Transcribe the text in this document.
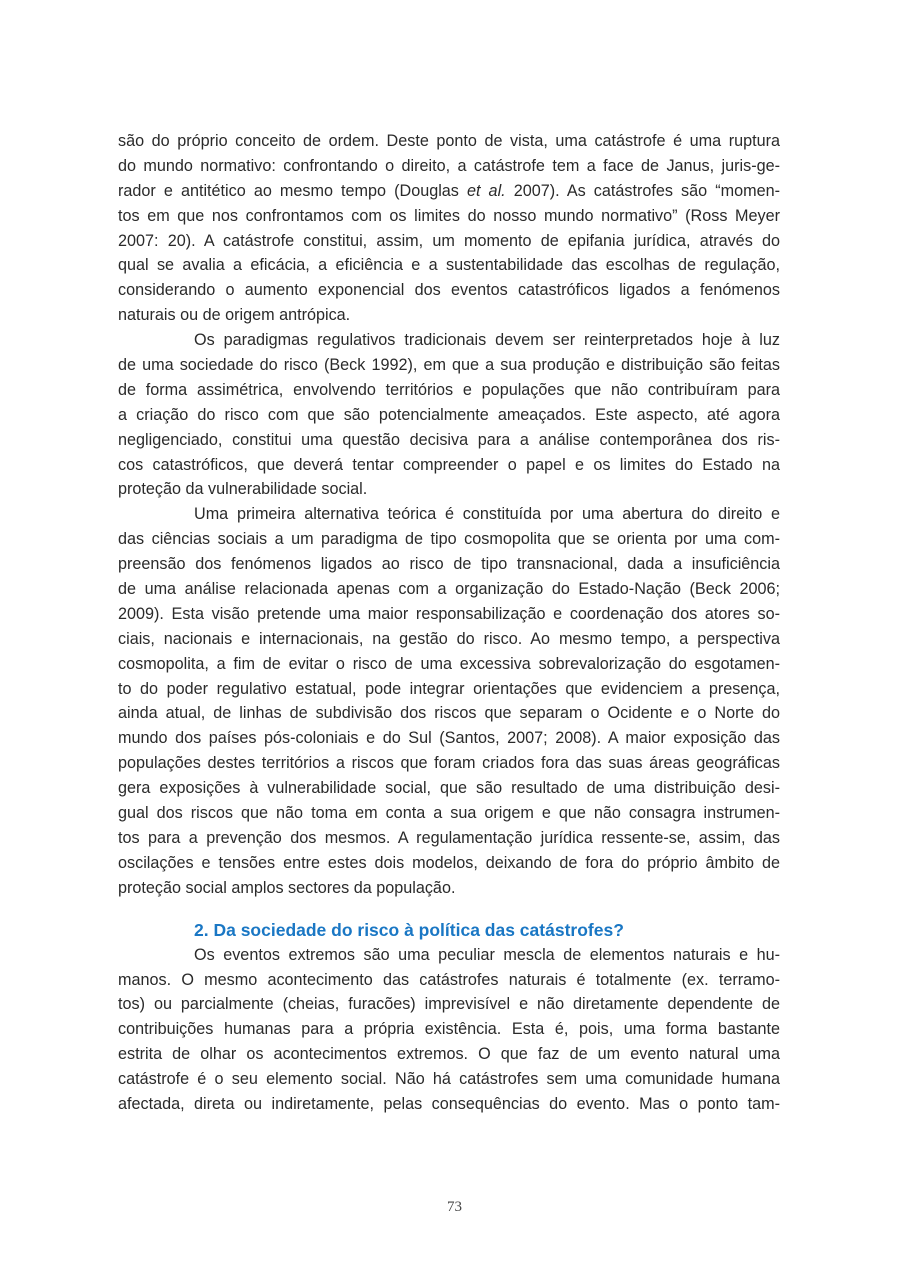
são do próprio conceito de ordem. Deste ponto de vista, uma catástrofe é uma ruptura
do mundo normativo: confrontando o direito, a catástrofe tem a face de Janus, juris-ge-
rador e antitético ao mesmo tempo (Douglas et al. 2007). As catástrofes são “momen-
tos em que nos confrontamos com os limites do nosso mundo normativo” (Ross Meyer
2007: 20). A catástrofe constitui, assim, um momento de epifania jurídica, através do
qual se avalia a eficácia, a eficiência e a sustentabilidade das escolhas de regulação,
considerando o aumento exponencial dos eventos catastróficos ligados a fenómenos
naturais ou de origem antrópica.
Os paradigmas regulativos tradicionais devem ser reinterpretados hoje à luz
de uma sociedade do risco (Beck 1992), em que a sua produção e distribuição são feitas
de forma assimétrica, envolvendo territórios e populações que não contribuíram para
a criação do risco com que são potencialmente ameaçados. Este aspecto, até agora
negligenciado, constitui uma questão decisiva para a análise contemporânea dos ris-
cos catastróficos, que deverá tentar compreender o papel e os limites do Estado na
proteção da vulnerabilidade social.
Uma primeira alternativa teórica é constituída por uma abertura do direito e
das ciências sociais a um paradigma de tipo cosmopolita que se orienta por uma com-
preensão dos fenómenos ligados ao risco de tipo transnacional, dada a insuficiência
de uma análise relacionada apenas com a organização do Estado-Nação (Beck 2006;
2009). Esta visão pretende uma maior responsabilização e coordenação dos atores so-
ciais, nacionais e internacionais, na gestão do risco. Ao mesmo tempo, a perspectiva
cosmopolita, a fim de evitar o risco de uma excessiva sobrevalorização do esgotamen-
to do poder regulativo estatual, pode integrar orientações que evidenciem a presença,
ainda atual, de linhas de subdivisão dos riscos que separam o Ocidente e o Norte do
mundo dos países pós-coloniais e do Sul (Santos, 2007; 2008). A maior exposição das
populações destes territórios a riscos que foram criados fora das suas áreas geográficas
gera exposições à vulnerabilidade social, que são resultado de uma distribuição desi-
gual dos riscos que não toma em conta a sua origem e que não consagra instrumen-
tos para a prevenção dos mesmos. A regulamentação jurídica ressente-se, assim, das
oscilações e tensões entre estes dois modelos, deixando de fora do próprio âmbito de
proteção social amplos sectores da população.
2. Da sociedade do risco à política das catástrofes?
Os eventos extremos são uma peculiar mescla de elementos naturais e hu-
manos. O mesmo acontecimento das catástrofes naturais é totalmente (ex. terramo-
tos) ou parcialmente (cheias, furacões) imprevisível e não diretamente dependente de
contribuições humanas para a própria existência. Esta é, pois, uma forma bastante
estrita de olhar os acontecimentos extremos. O que faz de um evento natural uma
catástrofe é o seu elemento social. Não há catástrofes sem uma comunidade humana
afectada, direta ou indiretamente, pelas consequências do evento. Mas o ponto tam-
73
